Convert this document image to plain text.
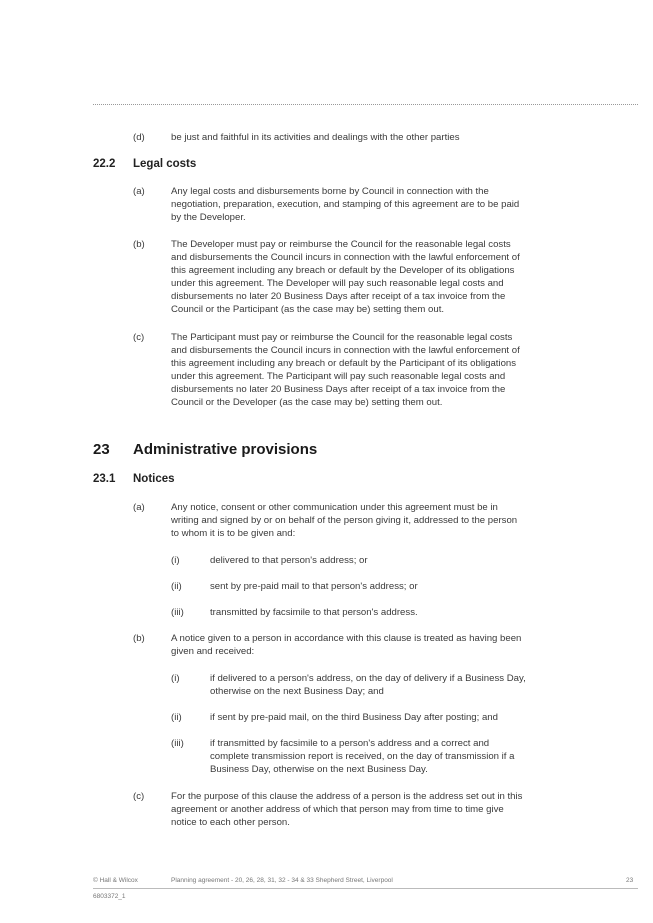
(d)	be just and faithful in its activities and dealings with the other parties
22.2 Legal costs
(a)	Any legal costs and disbursements borne by Council in connection with the
negotiation, preparation, execution, and stamping of this agreement are to be paid
by the Developer.
(b)	The Developer must pay or reimburse the Council for the reasonable legal costs
and disbursements the Council incurs in connection with the lawful enforcement of
this agreement including any breach or default by the Developer of its obligations
under this agreement. The Developer will pay such reasonable legal costs and
disbursements no later 20 Business Days after receipt of a tax invoice from the
Council or the Participant (as the case may be) setting them out.
(c)	The Participant must pay or reimburse the Council for the reasonable legal costs
and disbursements the Council incurs in connection with the lawful enforcement of
this agreement including any breach or default by the Participant of its obligations
under this agreement. The Participant will pay such reasonable legal costs and
disbursements no later 20 Business Days after receipt of a tax invoice from the
Council or the Developer (as the case may be) setting them out.
23 Administrative provisions
23.1 Notices
(a)	Any notice, consent or other communication under this agreement must be in
writing and signed by or on behalf of the person giving it, addressed to the person
to whom it is to be given and:
(i)	delivered to that person's address; or
(ii)	sent by pre-paid mail to that person's address; or
(iii)	transmitted by facsimile to that person's address.
(b)	A notice given to a person in accordance with this clause is treated as having been
given and received:
(i)	if delivered to a person's address, on the day of delivery if a Business Day,
otherwise on the next Business Day; and
(ii)	if sent by pre-paid mail, on the third Business Day after posting; and
(iii)	if transmitted by facsimile to a person's address and a correct and
complete transmission report is received, on the day of transmission if a
Business Day, otherwise on the next Business Day.
(c)	For the purpose of this clause the address of a person is the address set out in this
agreement or another address of which that person may from time to time give
notice to each other person.
© Hall & Wilcox	Planning agreement - 20, 26, 28, 31, 32 - 34 & 33 Shepherd Street, Liverpool	23
6803372_1
